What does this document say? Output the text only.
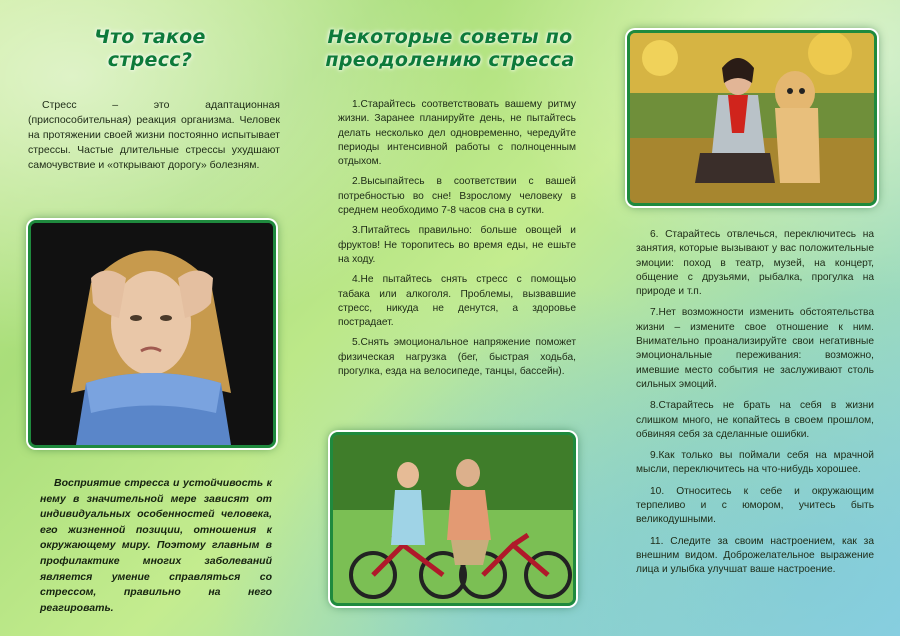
Что такое стресс?
Стресс – это адаптационная (приспособительная) реакция организма. Человек на протяжении своей жизни постоянно испытывает стрессы. Частые длительные стрессы ухудшают самочувствие и «открывают дорогу» болезням.
Восприятие стресса и устойчивость к нему в значительной мере зависят от индивидуальных особенностей человека, его жизненной позиции, отношения к окружающему миру. Поэтому главным в профилактике многих заболеваний является умение справляться со стрессом, правильно на него реагировать.
Некоторые советы по преодолению стресса

1.Старайтесь соответствовать вашему ритму жизни. Заранее планируйте день, не пытайтесь делать несколько дел одновременно, чередуйте периоды интенсивной работы с полноценным отдыхом.

2.Высыпайтесь в соответствии с вашей потребностью во сне! Взрослому человеку в среднем необходимо 7-8 часов сна в сутки.

3.Питайтесь правильно: больше овощей и фруктов! Не торопитесь во время еды, не ешьте на ходу.

4.Не пытайтесь снять стресс с помощью табака или алкоголя. Проблемы, вызвавшие стресс, никуда не денутся, а здоровье пострадает.

5.Снять эмоциональное напряжение поможет физическая нагрузка (бег, быстрая ходьба, прогулка, езда на велосипеде, танцы, бассейн).

6. Старайтесь отвлечься, переключитесь на занятия, которые вызывают у вас положительные эмоции: поход в театр, музей, на концерт, общение с друзьями, рыбалка, прогулка на природе и т.п.

7.Нет возможности изменить обстоятельства жизни – измените свое отношение к ним. Внимательно проанализируйте свои негативные эмоциональные переживания: возможно, имевшие место события не заслуживают столь сильных эмоций.

8.Старайтесь не брать на себя в жизни слишком много, не копайтесь в своем прошлом, обвиняя себя за сделанные ошибки.

9.Как только вы поймали себя на мрачной мысли, переключитесь на что-нибудь хорошее.

10. Относитесь к себе и окружающим терпеливо и с юмором, учитесь быть великодушными.

11. Следите за своим настроением, как за внешним видом. Доброжелательное выражение лица и улыбка улучшат ваше настроение.
